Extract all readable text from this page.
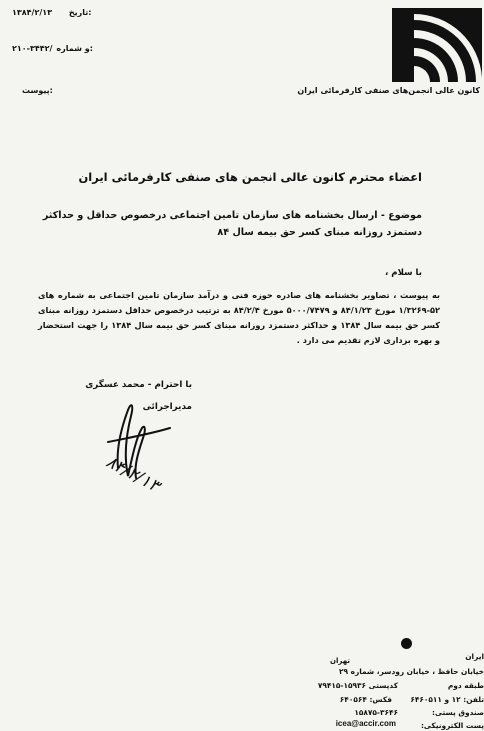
۱۳۸۴/۲/۱۳ تاریخ:
۲۱۰-۳۴۴۲/و شماره:
پیوست:	کانون عالی انجمن‌های صنفی کارفرمائی ایران
اعضاء محترم کانون عالی انجمن های صنفی کارفرمائی ایران
موضوع - ارسال بخشنامه های سازمان تامین اجتماعی درخصوص حداقل و حداکثر دستمزد روزانه مبنای کسر حق بیمه سال ۸۴
با سلام ،
به پیوست ، تصاویر بخشنامه های صادره حوزه فنی و درآمد سازمان تامین اجتماعی به شماره های ۵۲-۱/۳۲۶۹ مورخ ۸۴/۱/۲۳ و ۵۰۰۰/۷۴۷۹ مورخ ۸۴/۲/۴ به ترتیب درخصوص حداقل دستمزد روزانه مبنای کسر حق بیمه سال ۱۳۸۴ و حداکثر دستمزد روزانه مبنای کسر حق بیمه سال ۱۳۸۴ را جهت استحضار و بهره برداری لازم تقدیم می دارد .
با احترام - محمد عسگری
مدیراجرائی
۸۴/۲/۱۳
ایران
تهران
خیابان حافظ ، خیابان رودسر، شماره ۲۹
طبقه دوم
کدپستی ۱۵۹۳۶-۷۹۴۱۵
تلفن: ۱۲ و ۶۴۶۰۵۱۱
فکس: ۶۴۰۵۶۴
صندوق پستی:
۱۵۸۷۵-۳۶۴۶
پست الکترونیکی:
icea@accir.com
